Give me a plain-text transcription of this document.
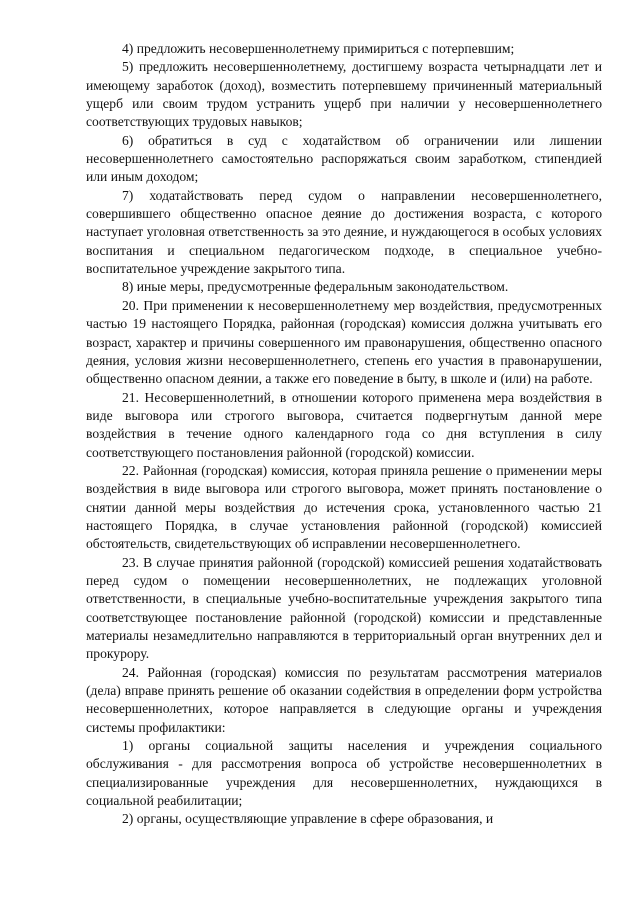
4) предложить несовершеннолетнему примириться с потерпевшим;

5) предложить несовершеннолетнему, достигшему возраста четырнадцати лет и имеющему заработок (доход), возместить потерпевшему причиненный материальный ущерб или своим трудом устранить ущерб при наличии у несовершеннолетнего соответствующих трудовых навыков;

6) обратиться в суд с ходатайством об ограничении или лишении несовершеннолетнего самостоятельно распоряжаться своим заработком, стипендией или иным доходом;

7) ходатайствовать перед судом о направлении несовершеннолетнего, совершившего общественно опасное деяние до достижения возраста, с которого наступает уголовная ответственность за это деяние, и нуждающегося в особых условиях воспитания и специальном педагогическом подходе, в специальное учебно-воспитательное учреждение закрытого типа.

8) иные меры, предусмотренные федеральным законодательством.

20. При применении к несовершеннолетнему мер воздействия, предусмотренных частью 19 настоящего Порядка, районная (городская) комиссия должна учитывать его возраст, характер и причины совершенного им правонарушения, общественно опасного деяния, условия жизни несовершеннолетнего, степень его участия в правонарушении, общественно опасном деянии, а также его поведение в быту, в школе и (или) на работе.

21. Несовершеннолетний, в отношении которого применена мера воздействия в виде выговора или строгого выговора, считается подвергнутым данной мере воздействия в течение одного календарного года со дня вступления в силу соответствующего постановления районной (городской) комиссии.

22. Районная (городская) комиссия, которая приняла решение о применении меры воздействия в виде выговора или строгого выговора, может принять постановление о снятии данной меры воздействия до истечения срока, установленного частью 21 настоящего Порядка, в случае установления районной (городской) комиссией обстоятельств, свидетельствующих об исправлении несовершеннолетнего.

23. В случае принятия районной (городской) комиссией решения ходатайствовать перед судом о помещении несовершеннолетних, не подлежащих уголовной ответственности, в специальные учебно-воспитательные учреждения закрытого типа соответствующее постановление районной (городской) комиссии и представленные материалы незамедлительно направляются в территориальный орган внутренних дел и прокурору.

24. Районная (городская) комиссия по результатам рассмотрения материалов (дела) вправе принять решение об оказании содействия в определении форм устройства несовершеннолетних, которое направляется в следующие органы и учреждения системы профилактики:

1) органы социальной защиты населения и учреждения социального обслуживания - для рассмотрения вопроса об устройстве несовершеннолетних в специализированные учреждения для несовершеннолетних, нуждающихся в социальной реабилитации;

2) органы, осуществляющие управление в сфере образования, и
